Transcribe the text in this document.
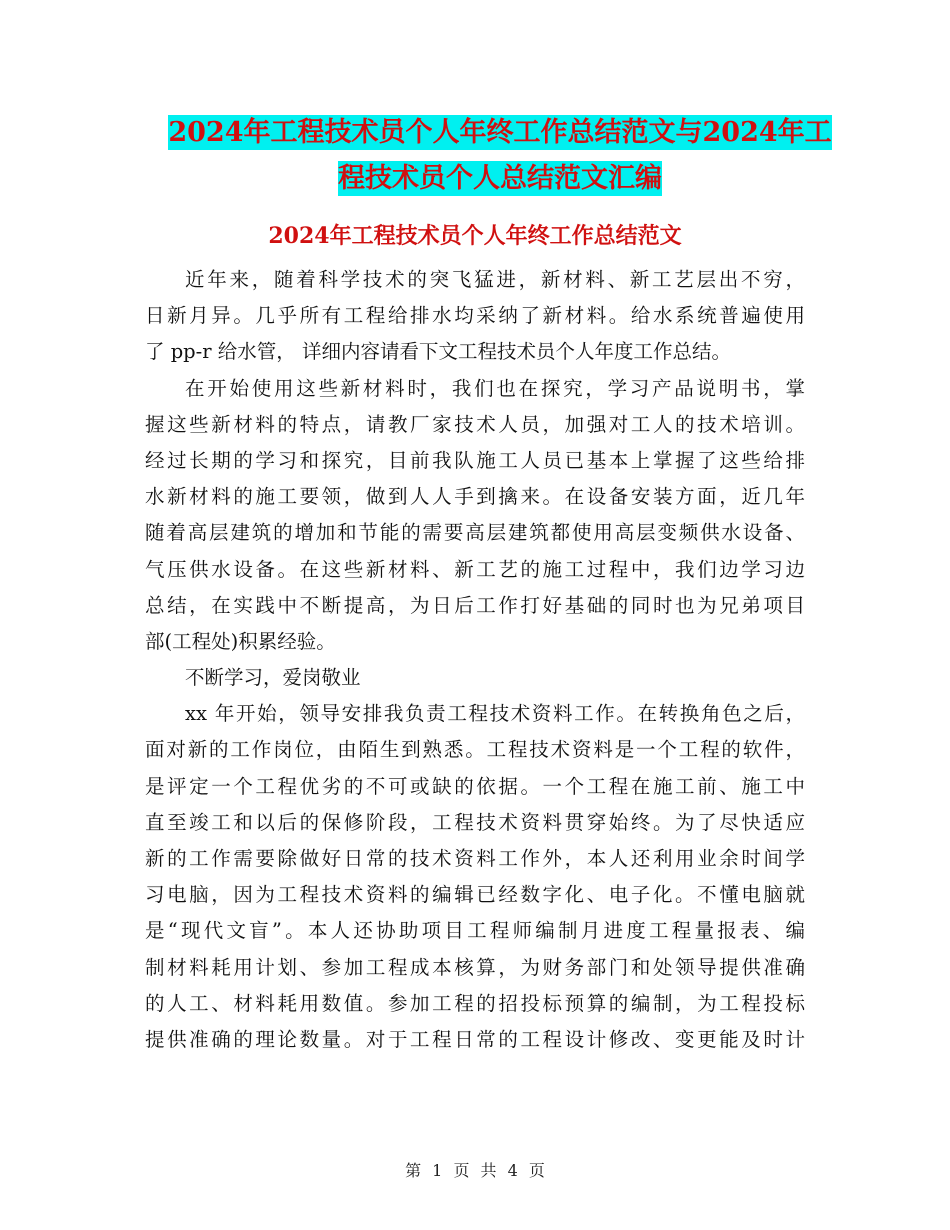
2024年工程技术员个人年终工作总结范文与2024年工
程技术员个人总结范文汇编
2024年工程技术员个人年终工作总结范文
近年来，随着科学技术的突飞猛进，新材料、新工艺层出不穷，
日新月异。几乎所有工程给排水均采纳了新材料。给水系统普遍使用
了 pp-r 给水管， 详细内容请看下文工程技术员个人年度工作总结。
在开始使用这些新材料时，我们也在探究，学习产品说明书，掌
握这些新材料的特点，请教厂家技术人员，加强对工人的技术培训。
经过长期的学习和探究，目前我队施工人员已基本上掌握了这些给排
水新材料的施工要领，做到人人手到擒来。在设备安装方面，近几年
随着高层建筑的增加和节能的需要高层建筑都使用高层变频供水设备、
气压供水设备。在这些新材料、新工艺的施工过程中，我们边学习边
总结，在实践中不断提高，为日后工作打好基础的同时也为兄弟项目
部(工程处)积累经验。
不断学习，爱岗敬业
xx 年开始，领导安排我负责工程技术资料工作。在转换角色之后，
面对新的工作岗位，由陌生到熟悉。工程技术资料是一个工程的软件，
是评定一个工程优劣的不可或缺的依据。一个工程在施工前、施工中
直至竣工和以后的保修阶段，工程技术资料贯穿始终。为了尽快适应
新的工作需要除做好日常的技术资料工作外，本人还利用业余时间学
习电脑，因为工程技术资料的编辑已经数字化、电子化。不懂电脑就
是“现代文盲”。本人还协助项目工程师编制月进度工程量报表、编
制材料耗用计划、参加工程成本核算，为财务部门和处领导提供准确
的人工、材料耗用数值。参加工程的招投标预算的编制，为工程投标
提供准确的理论数量。对于工程日常的工程设计修改、变更能及时计
第 1 页 共 4 页
